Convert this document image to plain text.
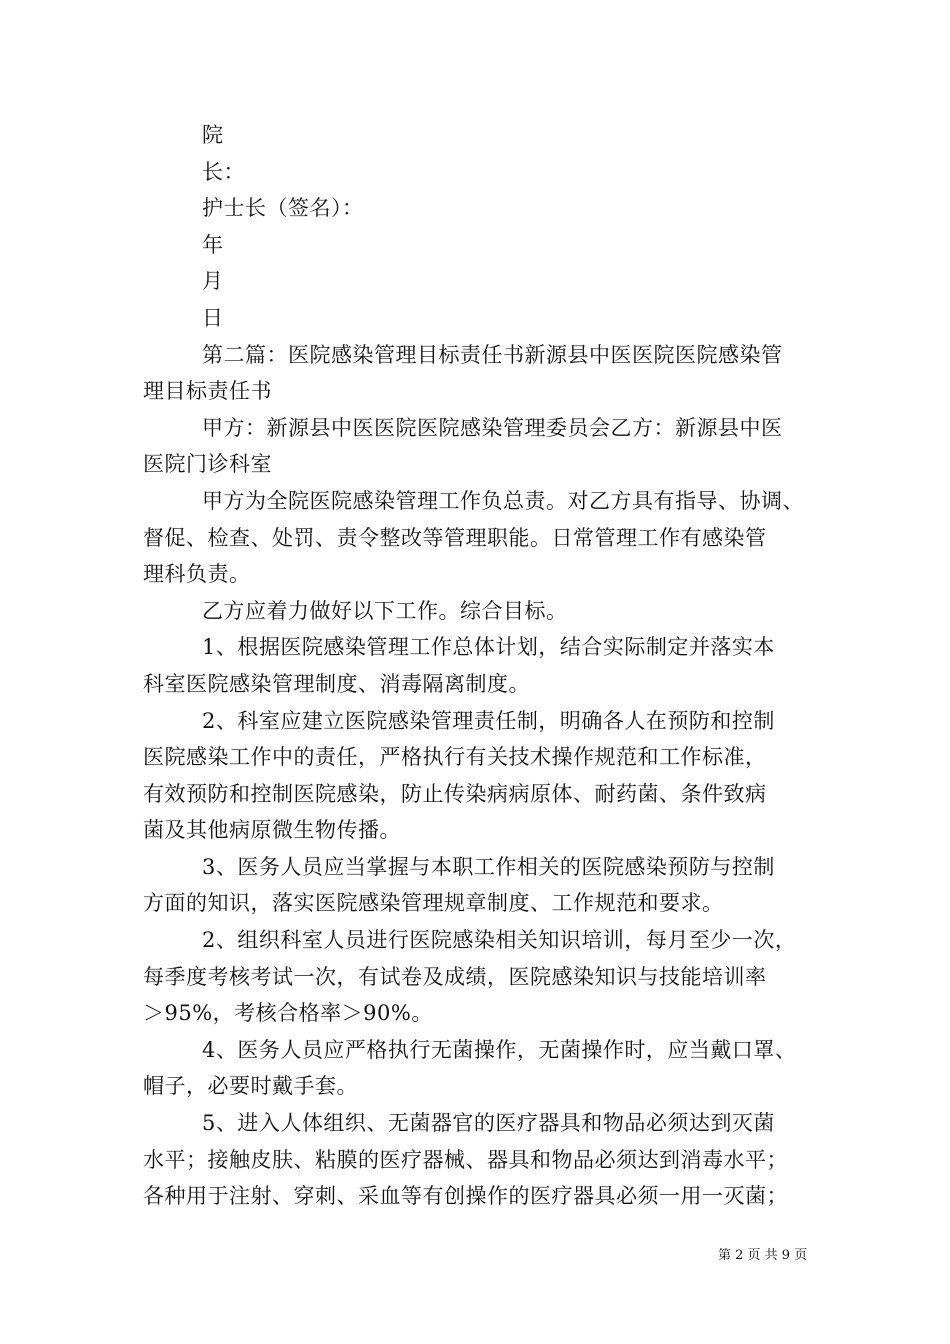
院
长：
护士长（签名）：
年
月
日
第二篇：医院感染管理目标责任书新源县中医医院医院感染管
理目标责任书
甲方：新源县中医医院医院感染管理委员会乙方：新源县中医
医院门诊科室
甲方为全院医院感染管理工作负总责。对乙方具有指导、协调、
督促、检查、处罚、责令整改等管理职能。日常管理工作有感染管
理科负责。
乙方应着力做好以下工作。综合目标。
1、根据医院感染管理工作总体计划，结合实际制定并落实本
科室医院感染管理制度、消毒隔离制度。
2、科室应建立医院感染管理责任制，明确各人在预防和控制
医院感染工作中的责任，严格执行有关技术操作规范和工作标准，
有效预防和控制医院感染，防止传染病病原体、耐药菌、条件致病
菌及其他病原微生物传播。
3、医务人员应当掌握与本职工作相关的医院感染预防与控制
方面的知识，落实医院感染管理规章制度、工作规范和要求。
2、组织科室人员进行医院感染相关知识培训，每月至少一次，
每季度考核考试一次，有试卷及成绩，医院感染知识与技能培训率
＞95%，考核合格率＞90%。
4、医务人员应严格执行无菌操作，无菌操作时，应当戴口罩、
帽子，必要时戴手套。
5、进入人体组织、无菌器官的医疗器具和物品必须达到灭菌
水平；接触皮肤、粘膜的医疗器械、器具和物品必须达到消毒水平；
各种用于注射、穿刺、采血等有创操作的医疗器具必须一用一灭菌；
第 2 页 共 9 页
